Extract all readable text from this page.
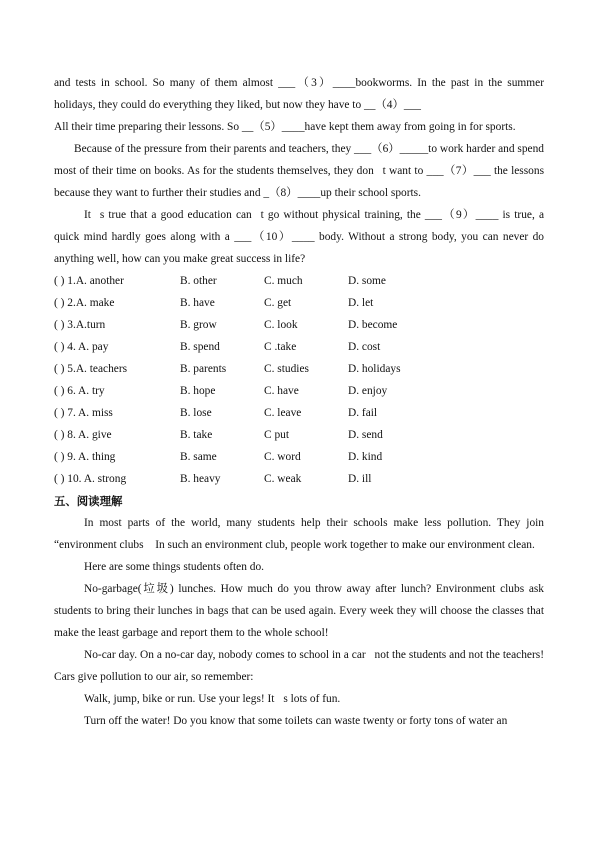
and tests in school. So many of them almost ___（3）____bookworms. In the past in the summer holidays, they could do everything they liked, but now they have to __（4）___

All their time preparing their lessons. So __（5）____have kept them away from going in for sports.

Because of the pressure from their parents and teachers, they ___（6）_____to work harder and spend most of their time on books. As for the students themselves, they don t want to ___（7）___ the lessons because they want to further their studies and _（8）____up their school sports.

It s true that a good education can t go without physical training, the ___（9）____ is true, a quick mind hardly goes along with a ___（10）____ body. Without a strong body, you can never do anything well, how can you make great success in life?

( ) 1.A. another	B. other	C. much	D. some
( ) 2.A. make	B. have	C. get	D. let
( ) 3.A.turn	B. grow	C. look	D. become
( ) 4. A. pay	B. spend	C .take	D. cost
( ) 5.A. teachers	B. parents	C. studies	D. holidays
( ) 6. A. try	B. hope	C. have	D. enjoy
( ) 7. A. miss	B. lose	C. leave	D. fail
( ) 8. A. give	B. take	C put	D. send
( ) 9. A. thing	B. same	C. word	D. kind
( ) 10. A. strong	B. heavy	C. weak	D. ill
五、阅读理解

In most parts of the world, many students help their schools make less pollution. They join “environment clubs  In such an environment club, people work together to make our environment clean.

Here are some things students often do.

No-garbage(垃圾) lunches. How much do you throw away after lunch? Environment clubs ask students to bring their lunches in bags that can be used again. Every week they will choose the classes that make the least garbage and report them to the whole school!

No-car day. On a no-car day, nobody comes to school in a car not the students and not the teachers! Cars give pollution to our air, so remember:

Walk, jump, bike or run. Use your legs! It s lots of fun.

Turn off the water! Do you know that some toilets can waste twenty or forty tons of water an
